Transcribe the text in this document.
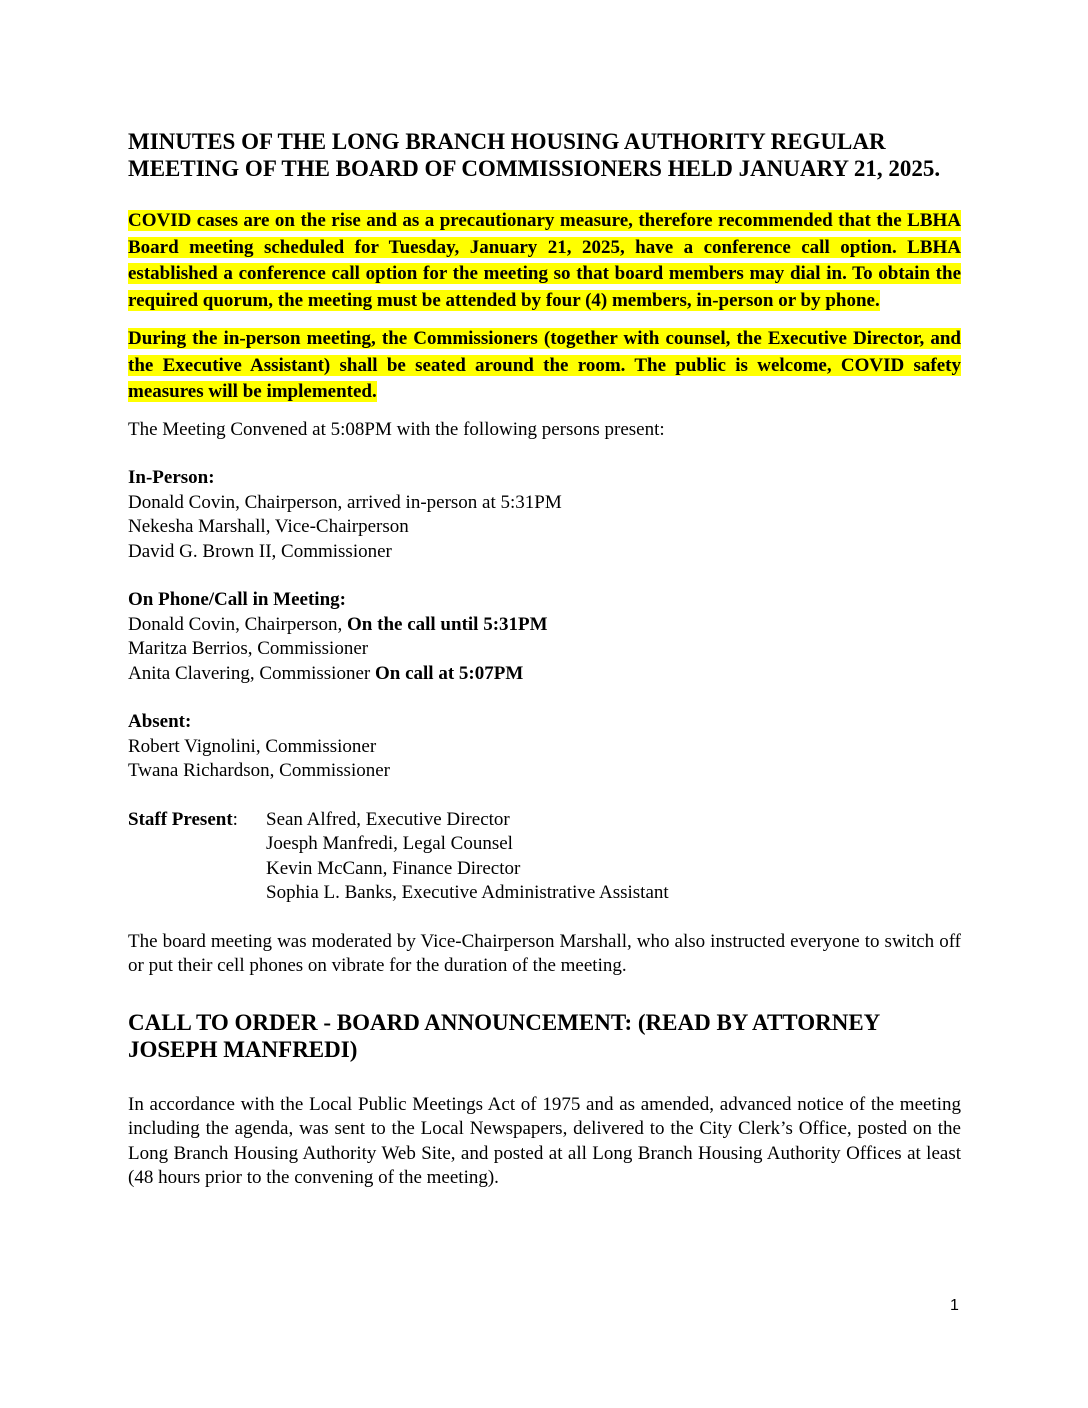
MINUTES OF THE LONG BRANCH HOUSING AUTHORITY REGULAR MEETING OF THE BOARD OF COMMISSIONERS HELD JANUARY 21, 2025.

COVID cases are on the rise and as a precautionary measure, therefore recommended that the LBHA Board meeting scheduled for Tuesday, January 21, 2025, have a conference call option. LBHA established a conference call option for the meeting so that board members may dial in. To obtain the required quorum, the meeting must be attended by four (4) members, in-person or by phone.

During the in-person meeting, the Commissioners (together with counsel, the Executive Director, and the Executive Assistant) shall be seated around the room. The public is welcome, COVID safety measures will be implemented.

The Meeting Convened at 5:08PM with the following persons present:

In-Person:

Donald Covin, Chairperson, arrived in-person at 5:31PM

Nekesha Marshall, Vice-Chairperson

David G. Brown II, Commissioner

On Phone/Call in Meeting:

Donald Covin, Chairperson, On the call until 5:31PM

Maritza Berrios, Commissioner

Anita Clavering, Commissioner On call at 5:07PM

Absent:

Robert Vignolini, Commissioner

Twana Richardson, Commissioner

Staff Present:	Sean Alfred, Executive Director
Joesph Manfredi, Legal Counsel
Kevin McCann, Finance Director
Sophia L. Banks, Executive Administrative Assistant

The board meeting was moderated by Vice-Chairperson Marshall, who also instructed everyone to switch off or put their cell phones on vibrate for the duration of the meeting.

CALL TO ORDER - BOARD ANNOUNCEMENT: (READ BY ATTORNEY JOSEPH MANFREDI)

In accordance with the Local Public Meetings Act of 1975 and as amended, advanced notice of the meeting including the agenda, was sent to the Local Newspapers, delivered to the City Clerk’s Office, posted on the Long Branch Housing Authority Web Site, and posted at all Long Branch Housing Authority Offices at least (48 hours prior to the convening of the meeting).

1
